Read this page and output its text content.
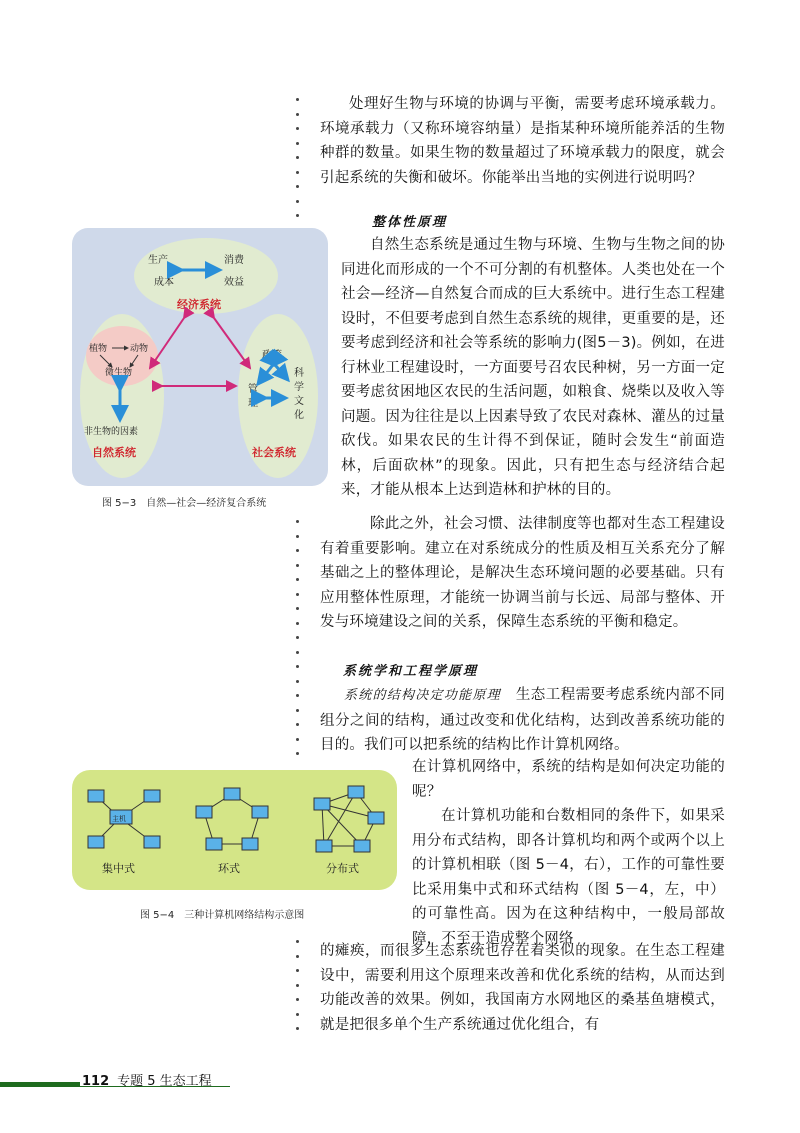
处理好生物与环境的协调与平衡，需要考虑环境承载力。环境承载力（又称环境容纳量）是指某种环境所能养活的生物种群的数量。如果生物的数量超过了环境承载力的限度，就会引起系统的失衡和破坏。你能举出当地的实例进行说明吗？

整体性原理

自然生态系统是通过生物与环境、生物与生物之间的协同进化而形成的一个不可分割的有机整体。人类也处在一个社会—经济—自然复合而成的巨大系统中。进行生态工程建设时，不但要考虑到自然生态系统的规律，更重要的是，还要考虑到经济和社会等系统的影响力(图5－3)。例如，在进行林业工程建设时，一方面要号召农民种树，另一方面一定要考虑贫困地区农民的生活问题，如粮食、烧柴以及收入等问题。因为往往是以上因素导致了农民对森林、灌丛的过量砍伐。如果农民的生计得不到保证，随时会发生“前面造林，后面砍林”的现象。因此，只有把生态与经济结合起来，才能从根本上达到造林和护林的目的。

生产
成本
消费
效益
经济系统
植物	动物
微生物
非生物的因素
自然系统
政策
管
理
科
学
文
化
社会系统

图 5−3　自然—社会—经济复合系统

除此之外，社会习惯、法律制度等也都对生态工程建设有着重要影响。建立在对系统成分的性质及相互关系充分了解基础之上的整体理论，是解决生态环境问题的必要基础。只有应用整体性原理，才能统一协调当前与长远、局部与整体、开发与环境建设之间的关系，保障生态系统的平衡和稳定。

系统学和工程学原理

系统的结构决定功能原理　 生态工程需要考虑系统内部不同组分之间的结构，通过改变和优化结构，达到改善系统功能的目的。我们可以把系统的结构比作计算机网络。

主机
集中式	环式	分布式

图 5−4　三种计算机网络结构示意图

在计算机网络中，系统的结构是如何决定功能的呢？

在计算机功能和台数相同的条件下，如果采用分布式结构，即各计算机均和两个或两个以上的计算机相联（图 5－4，右），工作的可靠性要比采用集中式和环式结构（图 5－4，左，中）的可靠性高。因为在这种结构中，一般局部故障，不至于造成整个网络

的瘫痪，而很多生态系统也存在着类似的现象。在生态工程建设中，需要利用这个原理来改善和优化系统的结构，从而达到功能改善的效果。例如，我国南方水网地区的桑基鱼塘模式，就是把很多单个生产系统通过优化组合，有

112 专题 5 生态工程
